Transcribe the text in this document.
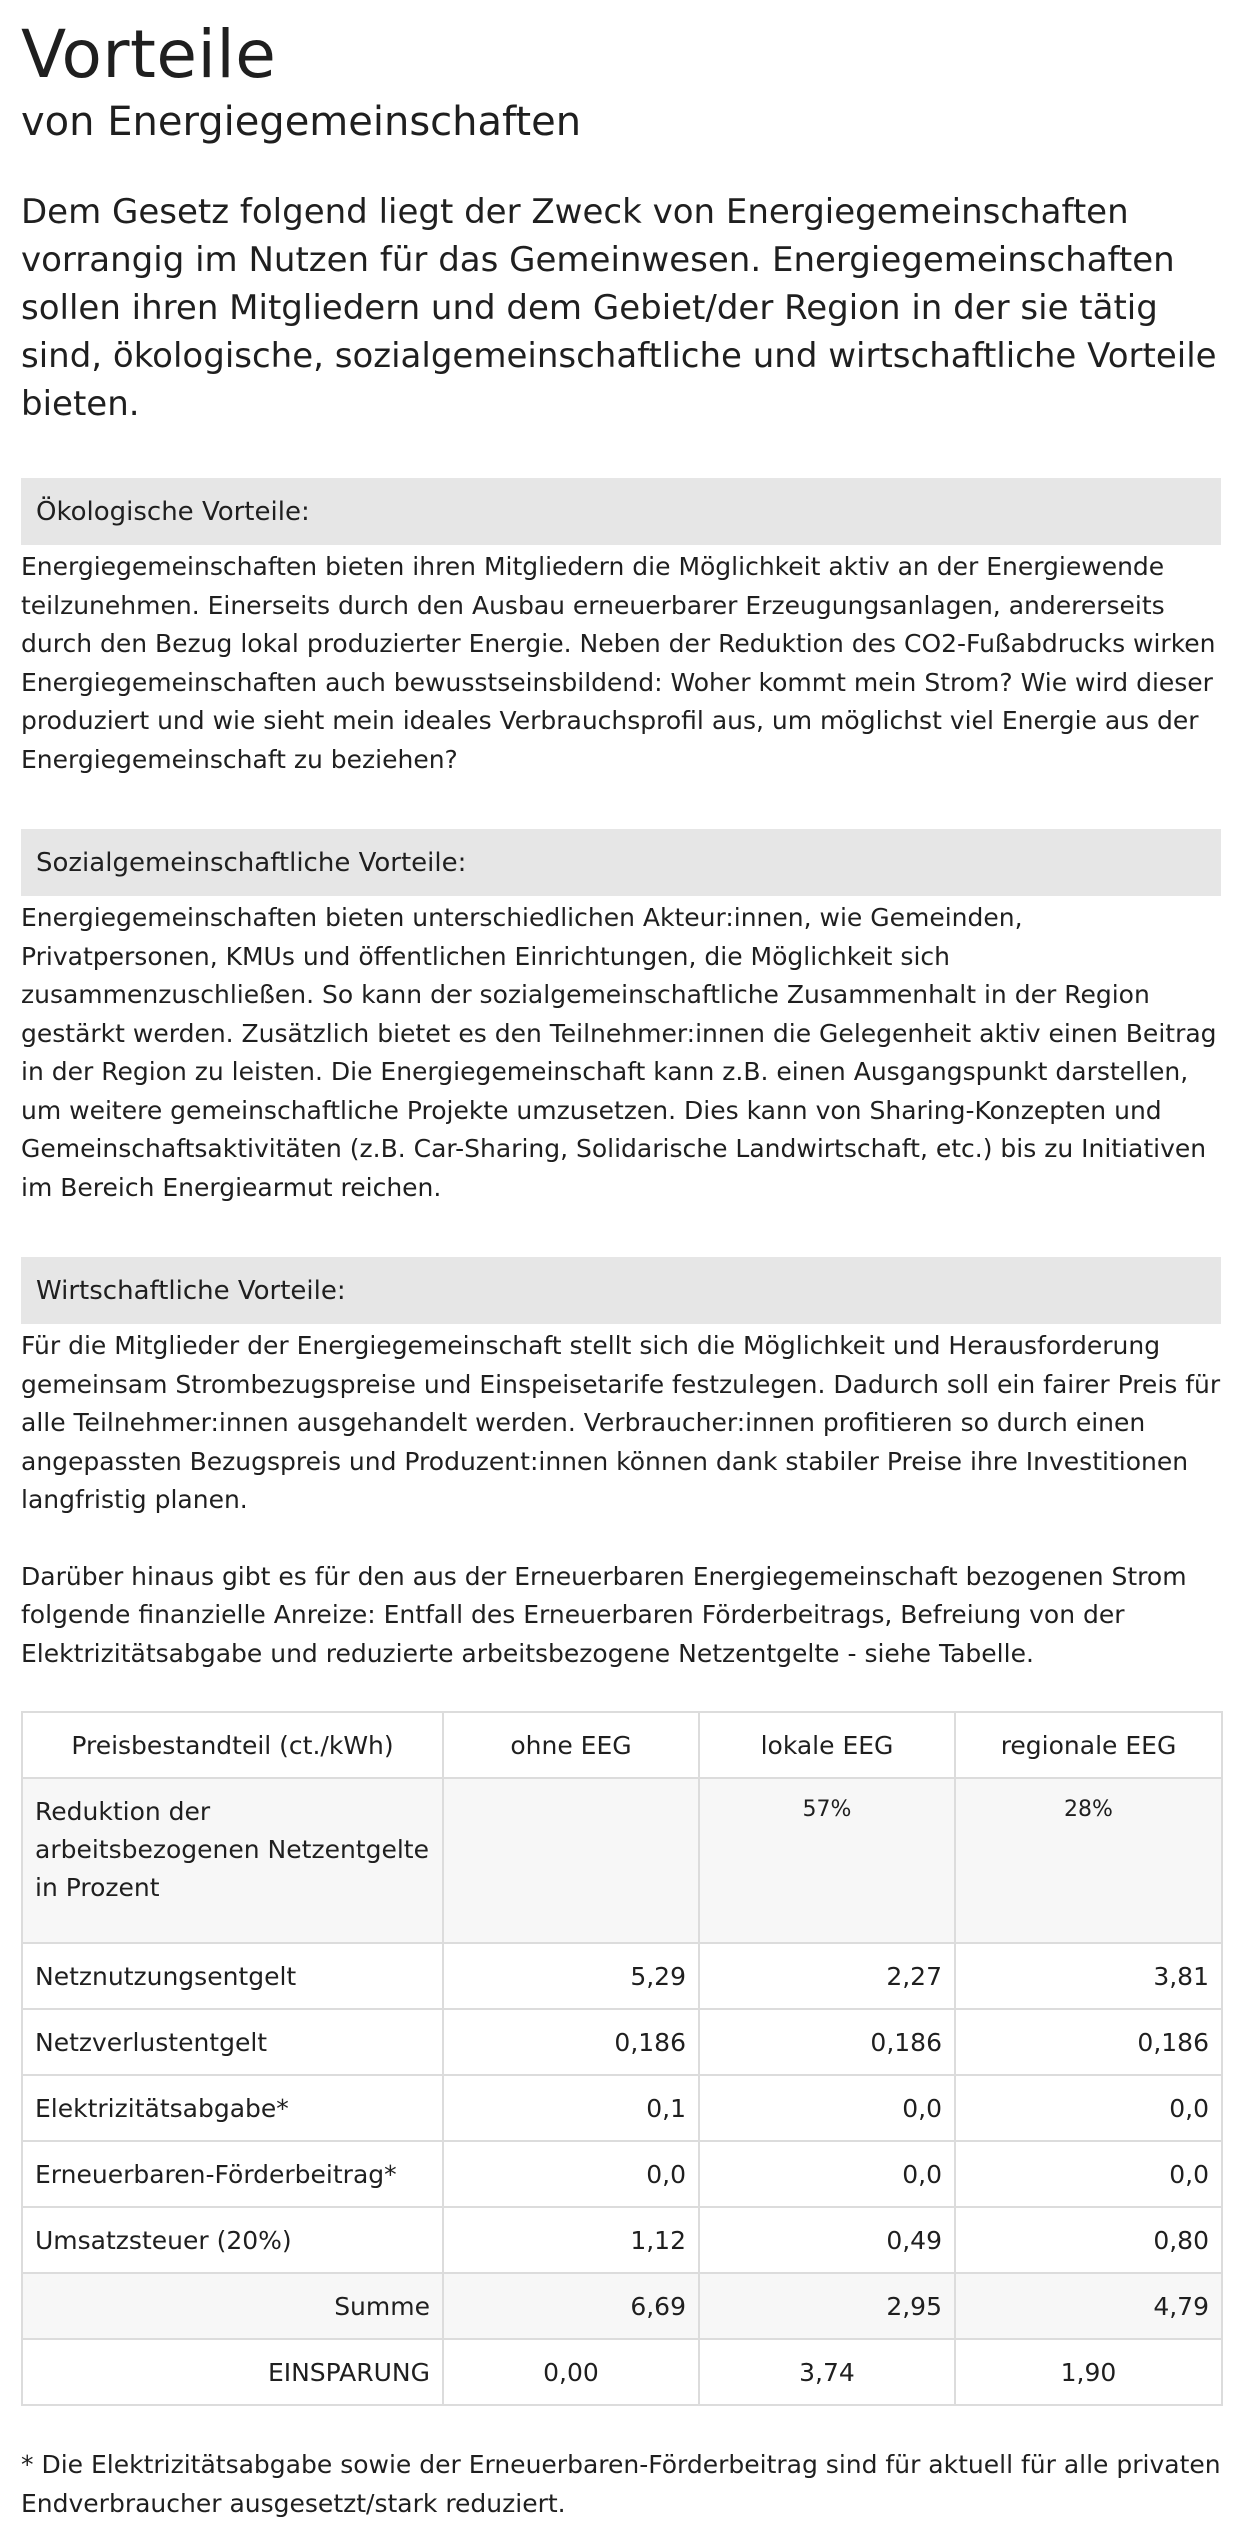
Vorteile
von Energiegemeinschaften

Dem Gesetz folgend liegt der Zweck von Energiegemeinschaften vorrangig im Nutzen für das Gemeinwesen. Energiegemeinschaften sollen ihren Mitgliedern und dem Gebiet/der Region in der sie tätig sind, ökologische, sozialgemeinschaftliche und wirtschaftliche Vorteile bieten.

Ökologische Vorteile:

Energiegemeinschaften bieten ihren Mitgliedern die Möglichkeit aktiv an der Energiewende teilzunehmen. Einerseits durch den Ausbau erneuerbarer Erzeugungsanlagen, andererseits durch den Bezug lokal produzierter Energie. Neben der Reduktion des CO2-Fußabdrucks wirken Energiegemeinschaften auch bewusstseinsbildend: Woher kommt mein Strom? Wie wird dieser produziert und wie sieht mein ideales Verbrauchsprofil aus, um möglichst viel Energie aus der Energiegemeinschaft zu beziehen?

Sozialgemeinschaftliche Vorteile:

Energiegemeinschaften bieten unterschiedlichen Akteur:innen, wie Gemeinden, Privatpersonen, KMUs und öffentlichen Einrichtungen, die Möglichkeit sich zusammenzuschließen. So kann der sozialgemeinschaftliche Zusammenhalt in der Region gestärkt werden. Zusätzlich bietet es den Teilnehmer:innen die Gelegenheit aktiv einen Beitrag in der Region zu leisten. Die Energiegemeinschaft kann z.B. einen Ausgangspunkt darstellen, um weitere gemeinschaftliche Projekte umzusetzen. Dies kann von Sharing-Konzepten und Gemeinschaftsaktivitäten (z.B. Car-Sharing, Solidarische Landwirtschaft, etc.) bis zu Initiativen im Bereich Energiearmut reichen.

Wirtschaftliche Vorteile:

Für die Mitglieder der Energiegemeinschaft stellt sich die Möglichkeit und Herausforderung gemeinsam Strombezugspreise und Einspeisetarife festzulegen. Dadurch soll ein fairer Preis für alle Teilnehmer:innen ausgehandelt werden. Verbraucher:innen profitieren so durch einen angepassten Bezugspreis und Produzent:innen können dank stabiler Preise ihre Investitionen langfristig planen.

Darüber hinaus gibt es für den aus der Erneuerbaren Energiegemeinschaft bezogenen Strom folgende finanzielle Anreize: Entfall des Erneuerbaren Förderbeitrags, Befreiung von der Elektrizitätsabgabe und reduzierte arbeitsbezogene Netzentgelte - siehe Tabelle.

Preisbestandteil (ct./kWh)	ohne EEG	lokale EEG	regionale EEG
Reduktion der arbeitsbezogenen Netzentgelte in Prozent		57%	28%
Netznutzungsentgelt	5,29	2,27	3,81
Netzverlustentgelt	0,186	0,186	0,186
Elektrizitätsabgabe*	0,1	0,0	0,0
Erneuerbaren-Förderbeitrag*	0,0	0,0	0,0
Umsatzsteuer (20%)	1,12	0,49	0,80
Summe	6,69	2,95	4,79
EINSPARUNG	0,00	3,74	1,90

* Die Elektrizitätsabgabe sowie der Erneuerbaren-Förderbeitrag sind für aktuell für alle privaten Endverbraucher ausgesetzt/stark reduziert.
